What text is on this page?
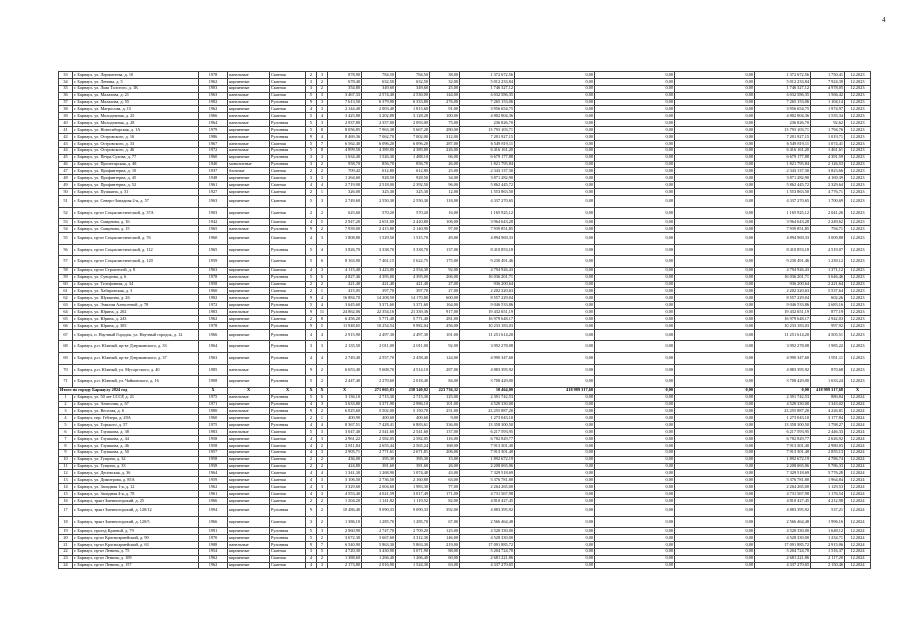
4
33	г. Барнаул, ул. Лермонтова, д. 10	1978	панельные	Скатная	2	3	878,90	784,50	784,50	38,00	1 372 672,56	0,00	0,00	0,00	1 372 672,56	1 750,41	12.2023	
34	г. Барнаул, ул. Ленина, д. 5	1962	кирпичные	Скатная	3	2	678,40	632,50	632,50	32,00	5 012 233,84	0,00	0,00	0,00	5 012 233,84	7 924,39	12.2023	
35	г. Барнаул, ул. Льва Толстого, д. 1К	1903	кирпичные	Скатная	3	2	354,80	349,60	349,60	25,00	1 746 327,12	0,00	0,00	0,00	1 746 327,12	4 978,05	12.2023	
36	г. Барнаул, ул. Малахова, д. 21	1963	панельные	Скатная	5	3	3 467,33	2 574,40	2 530,00	144,00	4 032 586,35	0,00	0,00	0,00	4 032 586,35	1 566,42	12.2023	
37	г. Барнаул, ул. Малахова, д. 55	1982	панельные	Рулонная	9	3	7 613,50	6 379,90	6 333,80	276,00	7 265 153,06	0,00	0,00	0,00	7 265 153,06	1 104,14	12.2023	
38	г. Барнаул, ул. Матросова, д. 15	1962	кирпичные	Скатная	4	3	2 144,40	2 003,40	1 815,60	91,00	3 956 654,75	0,00	0,00	0,00	3 956 654,75	1 974,97	12.2023	
39	г. Барнаул, ул. Молодежная, д. 25	1966	панельные	Скатная	5	4	3 425,88	3 202,88	3 128,28	100,00	4 802 804,36	0,00	0,00	0,00	4 802 804,36	1 535,34	12.2023	
40	г. Барнаул, ул. Молодежная, д. 28	1964	панельные	Рулонная	5	3	2 937,80	2 357,00	2 093,00	75,00	236 826,70	0,00	0,00	0,00	236 826,70	92,62	12.2023	
41	г. Барнаул, ул. Новосибирская, д. 1А	1979	кирпичные	Рулонная	5	8	8 056,85	7 963,38	5 667,28	280,00	13 793 103,71	0,00	0,00	0,00	13 793 103,71	1 794,76	12.2023	
42	г. Барнаул, ул. Островского, д. 16	1986	панельные	Рулонная	9	4	8 469,36	7 062,70	7 002,00	312,00	7 201 927,15	0,00	0,00	0,00	7 201 927,15	1 019,71	12.2023	
43	г. Барнаул, ул. Островского, д. 33	1967	панельные	Скатная	5	7	6 562,40	6 096,20	6 096,20	287,00	6 549 819,11	0,00	0,00	0,00	6 549 819,11	1 074,41	12.2023	
44	г. Барнаул, ул. Островского, д. 46	1972	панельные	Рулонная	5	8	4 899,50	4 389,80	4 389,80	226,00	6 416 161,20	0,00	0,00	0,00	6 416 161,20	1 461,61	12.2023	
45	г. Барнаул, ул. Петра Сухова, д. 77	1960	кирпичные	Рулонная	3	3	1 634,40	1 526,30	1 488,10	66,00	6 679 177,88	0,00	0,00	0,00	6 679 177,88	4 391,59	12.2023	
46	г. Барнаул, ул. Пролетарская, д. 48	1940	монолитные	Рулонная	3	2	958,70	856,70	856,70	26,00	1 821 795,84	0,00	0,00	0,00	1 821 795,84	2 126,53	12.2023	
47	г. Барнаул, ул. Профинтерна, д. 10	1937	блочные	Скатная	2	2	709,42	612,80	612,80	25,00	2 343 137,30	0,00	0,00	0,00	2 343 137,30	3 823,66	12.2023	
48	г. Барнаул, ул. Профинтерна, д. 45	1948	кирпичные	Скатная	3	3	1 264,60	928,50	928,50	34,00	3 871 282,90	0,00	0,00	0,00	3 871 282,90	4 169,39	12.2023	
49	г. Барнаул, ул. Профинтерна, д. 52	1961	кирпичные	Скатная	4	4	2 719,90	2 518,00	2 392,50	96,00	5 862 445,72	0,00	0,00	0,00	5 862 445,72	2 329,64	12.2023	
50	г. Барнаул, ул. Пушкина, д. 31	1927	кирпичные	Скатная	2	1	326,00	325,30	325,30	12,00	1 553 863,50	0,00	0,00	0,00	1 553 863,50	4 776,71	12.2023	
51	г. Барнаул, ул. Северо-Западная 2-я, д. 57	1963	кирпичные	Скатная	5	3	2 749,60	2 550,30	2 550,30	118,00	4 337 270,65	0,00	0,00	0,00	4 337 270,65	1 700,69	12.2023	
52	г. Барнаул, пр-кт Социалистический, д. 37А	1903	кирпичные	Скатная	2	2	625,60	570,20	570,20	16,00	1 165 925,12	0,00	0,00	0,00	1 165 925,12	2 041,26	12.2023	
53	г. Барнаул, ул. Смирнова, д. 16	1942	кирпичные	Скатная	4	5	2 947,20	2 651,00	2 420,80	106,00	3 964 643,28	0,00	0,00	0,00	3 964 643,28	2 249,62	12.2023	
54	г. Барнаул, ул. Смирнова, д. 15	1965	панельные	Рулонная	9	2	7 939,00	2 415,80	2 140,90	97,00	7 939 851,85	0,00	0,00	0,00	7 939 851,85	794,71	12.2023	
55	г. Барнаул, пр-кт Социалистический, д. 76	1960	кирпичные	Скатная	4	3	1 808,80	1 529,50	1 515,70	49,00	4 894 969,33	0,00	0,00	0,00	4 894 969,33	3 009,88	12.2023	
56	г. Барнаул, пр-кт Социалистический, д. 112	1965	кирпичные	Рулонная	5	4	3 826,70	3 338,70	3 338,70	137,00	8 410 853,18	0,00	0,00	0,00	8 410 853,18	2 519,07	12.2023	
57	г. Барнаул, пр-кт Социалистический, д. 120	1959	кирпичные	Скатная	5	6	8 163,90	7 461,15	5 622,75	175,00	9 230 491,46	0,00	0,00	0,00	9 230 491,46	1 239,12	12.2023	
58	г. Барнаул, пр-кт Строителей, д. 8	1963	кирпичные	Скатная	4	3	4 115,40	3 423,80	2 554,30	92,00	4 794 926,43	0,00	0,00	0,00	4 794 926,43	1 371,12	12.2023	
59	г. Барнаул, ул. Суворова, д. 6	1978	панельные	Рулонная	5	6	4 827,46	4 395,00	4 395,00	266,00	16 036 201,71	0,00	0,00	0,00	16 036 201,71	3 646,46	12.2023	
60	г. Барнаул, ул. Телефонная, д. 34	1958	кирпичные	Скатная	2	2	421,40	421,40	421,40	27,00	936 200,64	0,00	0,00	0,00	936 200,64	2 221,64	12.2023	
61	г. Барнаул, ул. Хабаровская, д. 3	1960	кирпичные	Скатная	2	1	415,05	397,70	397,70	27,00	2 202 320,63	0,00	0,00	0,00	2 202 320,63	5 537,64	12.2023	
62	г. Барнаул, ул. Шукшина, д. 26	1982	панельные	Рулонная	9	4	16 884,70	14 208,50	14 170,80	600,00	8 557 229,04	0,00	0,00	0,00	8 557 229,04	602,26	12.2023	
63	г. Барнаул, ул. Эмилии Алексеевой, д. 78	1972	кирпичные	Рулонная	5	4	3 645,60	3 371,60	3 371,60	164,00	9 046 533,86	0,00	0,00	0,00	9 046 533,86	2 683,16	12.2023	
64	г. Барнаул, ул. Юрина, д. 202	1983	панельные	Рулонная	9	11	24 862,06	22 354,16	21 339,36	917,00	19 432 651,19	0,00	0,00	0,00	19 432 651,19	877,19	12.2023	
65	г. Барнаул, ул. Юрина, д. 243	1962	кирпичные	Скатная	2	8	6 456,20	5 771,40	5 771,40	281,00	16 979 648,17	0,00	0,00	0,00	16 979 648,17	2 942,03	12.2023	
66	г. Барнаул, ул. Юрина, д. 305	1978	панельные	Рулонная	9	5	11 948,65	10 254,54	9 982,04	456,00	10 233 183,03	0,00	0,00	0,00	10 233 183,03	997,92	12.2023	
67	г. Барнаул, п. Научный Городок, ул. Научный городок, д. 12	1966	кирпичные	Рулонная	4	4	2 915,90	2 497,30	2 497,30	101,00	11 251 614,20	0,00	0,00	0,00	11 251 614,20	4 505,51	12.2023	
68	г. Барнаул, р.п. Южный, пр-кт Дзержинского, д. 33	1964	кирпичные	Рулонная	3	3	2 135,50	2 011,00	2 011,00	92,00	3 992 278,08	0,00	0,00	0,00	3 992 278,08	1 985,22	12.2023	
69	г. Барнаул, р.п. Южный, пр-кт Дзержинского, д. 37	1963	кирпичные	Рулонная	4	4	2 749,40	2 557,70	2 458,40	124,00	4 990 347,60	0,00	0,00	0,00	4 990 347,60	1 951,11	12.2023	
70	г. Барнаул, р.п. Южный, ул. Мусоргского, д. 40	1985	панельные	Рулонная	9	2	6 653,40	5 608,70	4 514,10	287,00	4 883 395,92	0,00	0,00	0,00	4 883 395,92	870,68	12.2023	
71	г. Барнаул, р.п. Южный, ул. Чайковского, д. 16	1908	кирпичные	Рулонная	5	2	2 447,40	2 270,60	2 018,40	84,00	3 708 429,00	0,00	0,00	0,00	3 708 429,00	1 633,24	12.2023	
Итого по городу Барнаулу 2024 год		X	X	X	X	X	X	271 065,83	238 340,02	223 736,32	10 464,00	418 989 317,68	0,00	0,00	0,00	418 989 317,68	X	
1	г. Барнаул, ул. 50 лет СССР, д. 21	1975	панельные	Рулонная	5	6	3 136,10	2 715,30	2 715,30	125,00	2 391 742,53	0,00	0,00	0,00	2 391 742,53	880,84	12.2024	
2	г. Барнаул, ул. Анатолия, д. 67	1971	кирпичные	Рулонная	4	3	3 633,80	3 371,90	2 986,10	101,00	4 528 330,00	0,00	0,00	0,00	4 528 330,00	1 343,02	12.2024	
3	г. Барнаул, ул. Веселая, д. 6	1980	панельные	Рулонная	9	2	6 025,60	5 502,00	5 150,70	251,00	23 255 887,20	0,00	0,00	0,00	23 255 887,20	4 226,81	12.2024	
4	г. Барнаул, пер. Геблера, д. 29А	1960	кирпичные	Скатная	2	1	400,90	400,60	400,60	9,00	1 273 043,10	0,00	0,00	0,00	1 273 043,10	3 177,84	12.2024	
5	г. Барнаул, ул. Горького, д. 57	1975	кирпичные	Рулонная	4	4	8 367,51	7 428,41	6 883,61	336,00	13 358 300,50	0,00	0,00	0,00	13 358 300,50	1 798,27	12.2024	
6	г. Барнаул, ул. Глушкова, д. 38	1983	панельные	Скатная	5	3	3 047,40	2 541,60	2 541,60	137,00	6 217 593,95	0,00	0,00	0,00	6 217 593,95	2 446,33	12.2024	
7	г. Барнаул, ул. Глушкова, д. 44	1958	кирпичные	Скатная	4	3	2 961,22	2 582,05	2 582,05	116,00	6 782 829,77	0,00	0,00	0,00	6 782 829,77	2 626,92	12.2024	
8	г. Барнаул, ул. Глушкова, д. 46	1958	кирпичные	Скатная	4	2	2 811,84	2 655,44	2 565,24	168,00	7 913 301,40	0,00	0,00	0,00	7 913 301,40	2 980,03	12.2024	
9	г. Барнаул, ул. Глушкова, д. 50	1957	кирпичные	Скатная	4	3	2 905,71	2 771,61	2 671,81	206,00	7 913 301,40	0,00	0,00	0,00	7 913 301,40	2 855,13	12.2024	
10	г. Барнаул, ул. Гущина, д. 32	1958	кирпичные	Скатная	2	2	436,00	395,30	395,30	15,00	1 892 672,19	0,00	0,00	0,00	1 892 672,19	4 786,74	12.2024	
11	г. Барнаул, ул. Гущина, д. 33	1958	кирпичные	Скатная	2	2	424,80	381,60	381,60	26,00	2 208 065,06	0,00	0,00	0,00	2 208 065,06	5 786,33	12.2024	
12	г. Барнаул, ул. Деповская, д. 36	1964	кирпичные	Скатная	4	4	1 341,30	1 268,90	1 074,40	43,00	7 329 518,69	0,00	0,00	0,00	7 329 518,69	5 776,28	12.2024	
13	г. Барнаул, ул. Димитрова, д. 85А	1959	кирпичные	Скатная	4	3	3 106,50	2 736,50	2 160,80	63,00	5 376 781,80	0,00	0,00	0,00	5 376 781,80	1 964,84	12.2024	
14	г. Барнаул, ул. Западная 1-я, д. 12	1962	кирпичные	Скатная	4	3	3 329,60	2 004,60	1 983,30	77,00	2 264 265,00	0,00	0,00	0,00	2 264 265,00	1 129,53	12.2024	
15	г. Барнаул, ул. Западная 4-я, д. 78	1961	кирпичные	Скатная	4	3	4 553,40	4 021,59	3 017,49	171,00	4 731 567,98	0,00	0,00	0,00	4 731 567,98	1 176,54	12.2024	
16	г. Барнаул, тракт Змеиногорский, д. 25	1966	кирпичные	Скатная	2	2	1 204,20	1 141,82	1 119,52	82,00	4 810 427,45	0,00	0,00	0,00	4 810 427,45	4 212,98	12.2024	
17	г. Барнаул, тракт Змеиногорский, д. 120/12	1994	кирпичные	Рулонная	9	2	10 486,40	9 090,33	9 090,33	392,00	4 883 395,92	0,00	0,00	0,00	4 883 395,92	537,21	12.2024	
18	г. Барнаул, тракт Змеиногорский, д. 120/5	1966	кирпичные	Скатная	3	2	1 386,10	1 285,70	1 285,70	67,00	2 566 464,48	0,00	0,00	0,00	2 566 464,48	1 996,16	12.2024	
19	г. Барнаул, проезд Краевой, д. 79	1991	кирпичные	Рулонная	5	3	2 960,90	2 747,70	2 709,20	125,00	4 528 330,00	0,00	0,00	0,00	4 528 330,00	1 648,12	12.2024	
20	г. Барнаул, пр-кт Красноармейский, д. 90	1970	кирпичные	Рулонная	5	2	3 672,30	3 667,60	3 312,30	146,00	4 528 330,00	0,00	0,00	0,00	4 528 330,00	1 234,71	12.2024	
21	г. Барнаул, пр-кт Красноармейский, д. 63	1988	панельные	Рулонная	9	7	6 540,90	5 863,30	5 863,30	219,00	17 091 885,72	0,00	0,00	0,00	17 091 885,72	2 915,06	12.2024	
22	г. Барнаул, пр-кт Ленина, д. 75	1954	кирпичные	Скатная	3	5	4 720,30	3 430,90	3 071,90	88,00	5 204 724,78	0,00	0,00	0,00	5 204 724,78	1 516,37	12.2024	
23	г. Барнаул, пр-кт Ленина, д. 109	1962	кирпичные	Скатная	4	2	1 388,60	1 266,40	1 266,40	60,00	2 681 221,86	0,00	0,00	0,00	2 681 221,86	2 117,20	12.2024	
24	г. Барнаул, пр-кт Ленина, д. 157	1962	кирпичные	Скатная	4	3	2 173,80	2 016,90	1 524,30	63,00	4 337 270,65	0,00	0,00	0,00	4 337 270,65	2 150,46	12.2024	
